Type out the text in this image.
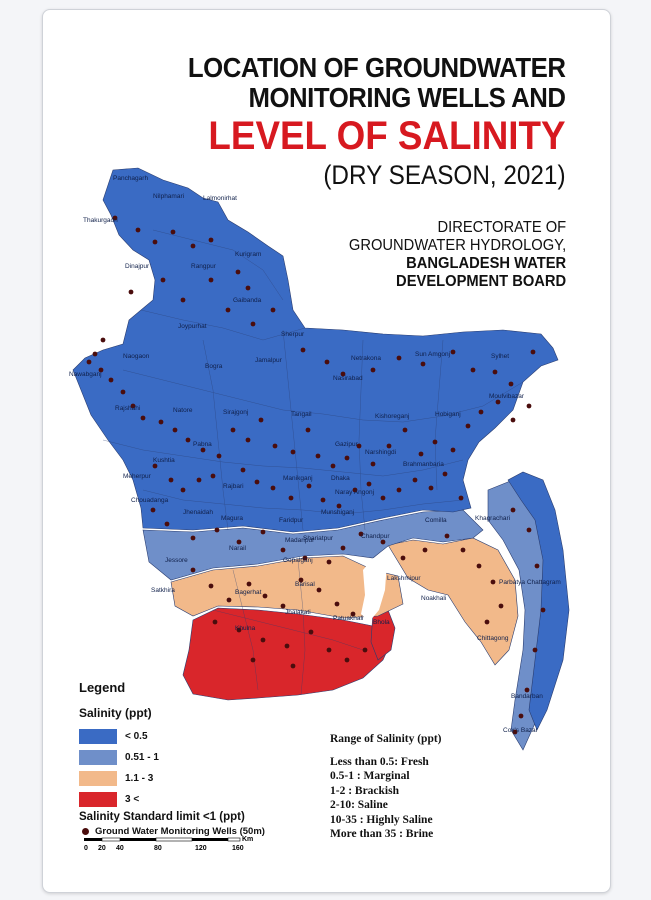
Panchagarh
Thakurgaon
Nilphamari	Lalmonirhat
Dinajpur	Rangpur
Kurigram
Gaibanda
Joypurhat
Naogaon
Bogra
Sherpur
Jamalpur	Netrakona
Sun Amgonj	Sylhet
Moulvibazar
Nawabganj
Rajshahi	Natore	Sirajgonj	Tangail
Nasirabad
Kishoreganj	Hobiganj
Pabna	Gazipur
Narshingdi
Brahmanbaria
Kushtia
Meherpur
Chouadanga
Rajbari
Manikganj	Dhaka
Naray Angonj
Jhenaidah
Magura	Faridpur
Munshiganj
Comilla
Jessore
Narail
Madaripur
Shariatpur	Chandpur
Gopalganj
Khagrachari
Satkhira	Bagerhat
Barisal
Lakshmipur
Noakhali
Parbatya Chattagram
Khulna
Jhalakati
Patuakhali
Bhola
Chittagong
Bandarban
Cox's Bazar
LOCATION OF GROUNDWATER
MONITORING WELLS AND
LEVEL OF SALINITY
(DRY SEASON, 2021)
DIRECTORATE OF
GROUNDWATER HYDROLOGY,
BANGLADESH WATER
DEVELOPMENT BOARD
Legend
Salinity (ppt)
< 0.5
0.51 - 1
1.1 - 3
3 <
Salinity Standard limit <1 (ppt)
Ground Water Monitoring Wells (50m)
0 20 40	80	120	160
Km
Range of Salinity (ppt)
Less than 0.5: Fresh
0.5-1 : Marginal
1-2 : Brackish
2-10: Saline
10-35 : Highly Saline
More than 35 : Brine
